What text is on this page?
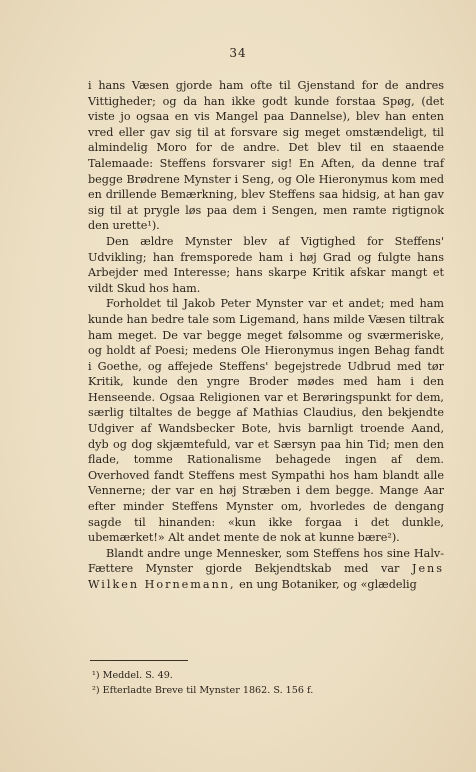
34

i hans Væsen gjorde ham ofte til Gjenstand for de andres Vittigheder; og da han ikke godt kunde forstaa Spøg, (det viste jo ogsaa en vis Mangel paa Dannelse), blev han enten vred eller gav sig til at forsvare sig meget omstændeligt, til almindelig Moro for de andre. Det blev til en staaende Talemaade: Steffens forsvarer sig! En Aften, da denne traf begge Brødrene Mynster i Seng, og Ole Hieronymus kom med en drillende Bemærkning, blev Steffens saa hidsig, at han gav sig til at prygle løs paa dem i Sengen, men ramte rigtignok den urette¹).

Den ældre Mynster blev af Vigtighed for Steffens' Udvikling; han fremsporede ham i høj Grad og fulgte hans Arbejder med Interesse; hans skarpe Kritik afskar mangt et vildt Skud hos ham.

Forholdet til Jakob Peter Mynster var et andet; med ham kunde han bedre tale som Ligemand, hans milde Væsen tiltrak ham meget. De var begge meget følsomme og sværmeriske, og holdt af Poesi; medens Ole Hieronymus ingen Behag fandt i Goethe, og affejede Steffens' begejstrede Udbrud med tør Kritik, kunde den yngre Broder mødes med ham i den Henseende. Ogsaa Religionen var et Berøringspunkt for dem, særlig tiltaltes de begge af Mathias Claudius, den bekjendte Udgiver af Wandsbecker Bote, hvis barnligt troende Aand, dyb og dog skjæmtefuld, var et Særsyn paa hin Tid; men den flade, tomme Rationalisme behagede ingen af dem. Overhoved fandt Steffens mest Sympathi hos ham blandt alle Vennerne; der var en høj Stræben i dem begge. Mange Aar efter minder Steffens Mynster om, hvorledes de dengang sagde til hinanden: «kun ikke forgaa i det dunkle, ubemærket!» Alt andet mente de nok at kunne bære²).

Blandt andre unge Mennesker, som Steffens hos sine Halv-Fættere Mynster gjorde Bekjendtskab med var Jens Wilken Hornemann, en ung Botaniker, og «glædelig

¹) Meddel. S. 49.
²) Efterladte Breve til Mynster 1862. S. 156 f.
